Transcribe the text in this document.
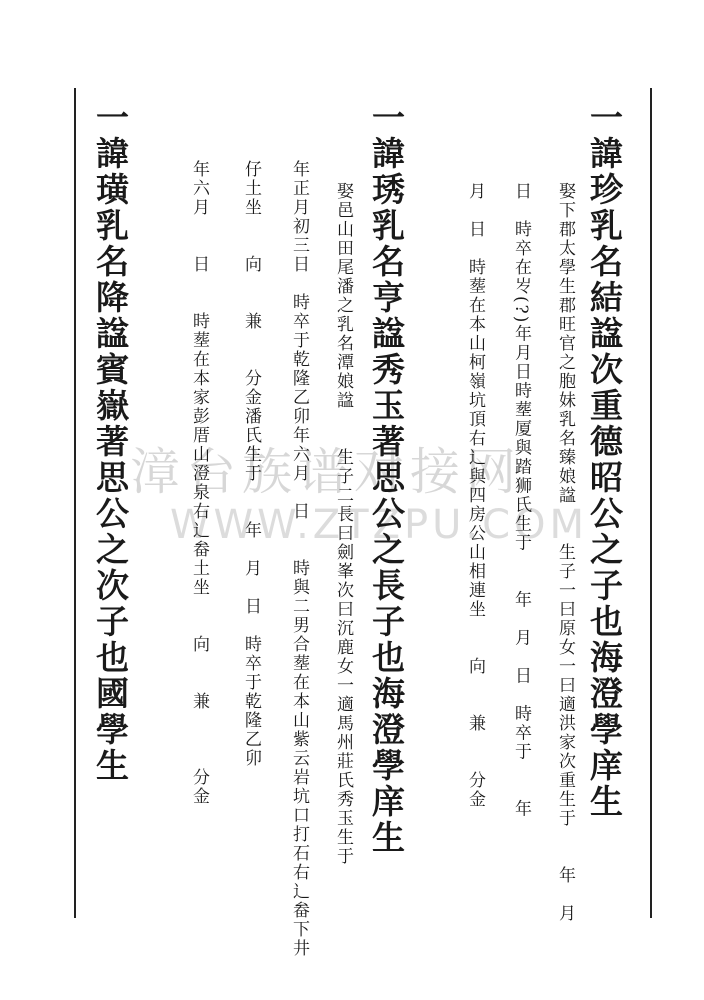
漳台族谱对接网
WWW.ZTZPU.COM
一諱珍乳名結諡次重德昭公之子也海澄學庠生
娶下郡太學生郡旺官之胞妹乳名臻娘諡　　生子一曰原女一曰適洪家次重生于　　年　月
日　時卒在㞮(?)年月日時塟厦與踏狮氏生于　　年　月　日　時卒于　　年
月　日　時塟在本山柯嶺坑頂右辶與四房公山相連坐　　向　　兼　　分金
一諱琇乳名亨諡秀玉著思公之長子也海澄學庠生
娶邑山田尾潘之乳名潭娘諡　　生子二長曰劍峯次曰沉鹿女一適馬州莊氏秀玉生于
年正月初三日　時卒于乾隆乙卯年六月　日　　時與二男合塟在本山紫云岩坑口打石右辶畚下井
仔土坐　　向　　兼　　分金潘氏生于　　年　月　日　時卒于乾隆乙卯
年六月　　日　　時塟在本家彭厝山澄泉右辶畚土坐　　向　　兼　　　分金
一諱璜乳名降諡賓嶽著思公之次子也國學生
